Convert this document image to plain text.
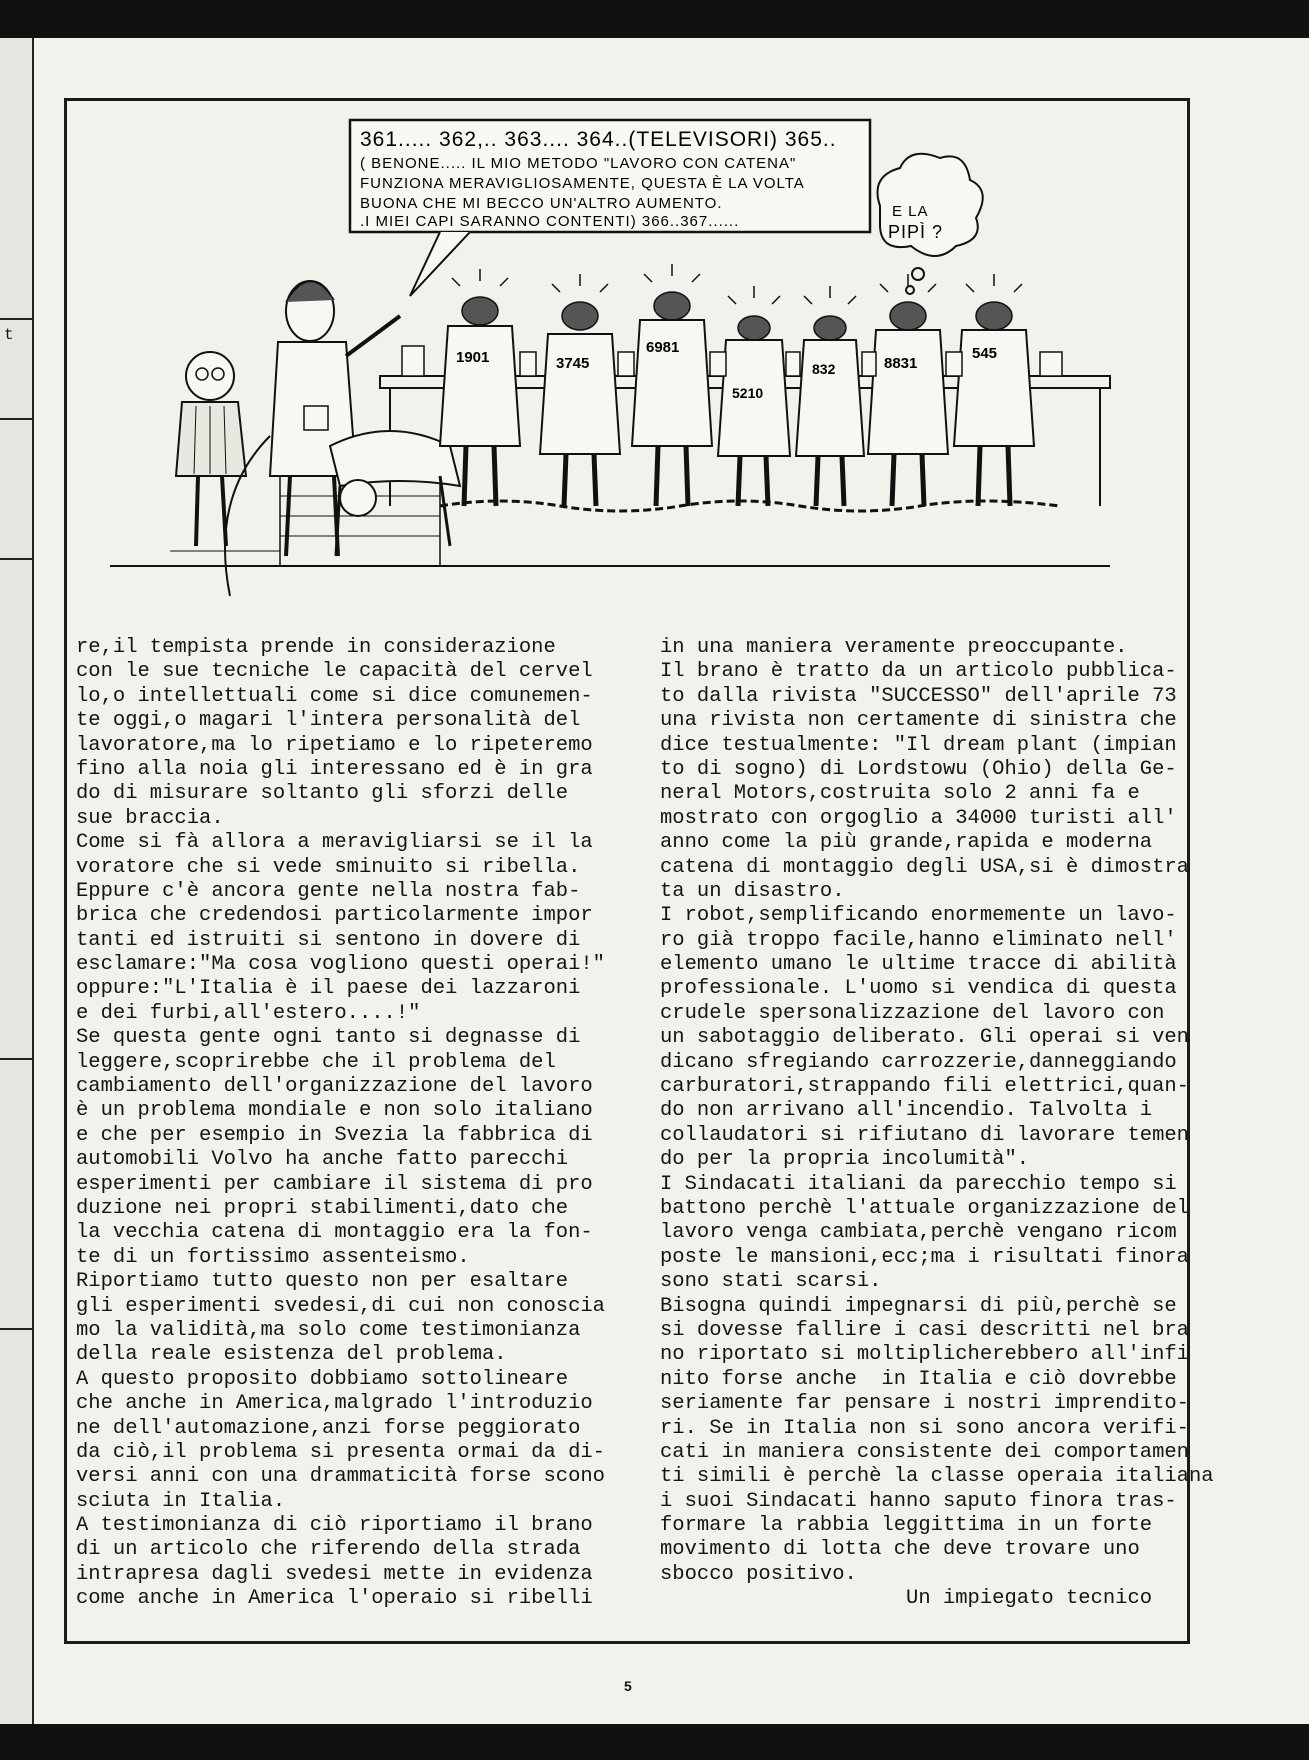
t
361..... 362,.. 363.... 364..(TELEVISORI) 365..
( BENONE..... IL MIO METODO "LAVORO CON CATENA"
FUNZIONA MERAVIGLIOSAMENTE, QUESTA È LA VOLTA
BUONA CHE MI BECCO UN'ALTRO AUMENTO.
.I MIEI CAPI SARANNO CONTENTI) 366..367......
E LA
PIPÌ ?
1901	3745
6981
5210
832	8831
545
re,il tempista prende in considerazione
con le sue tecniche le capacità del cervel
lo,o intellettuali come si dice comunemen-
te oggi,o magari l'intera personalità del
lavoratore,ma lo ripetiamo e lo ripeteremo
fino alla noia gli interessano ed è in gra
do di misurare soltanto gli sforzi delle
sue braccia.
Come si fà allora a meravigliarsi se il la
voratore che si vede sminuito si ribella.
Eppure c'è ancora gente nella nostra fab-
brica che credendosi particolarmente impor
tanti ed istruiti si sentono in dovere di
esclamare:"Ma cosa vogliono questi operai!"
oppure:"L'Italia è il paese dei lazzaroni
e dei furbi,all'estero....!"
Se questa gente ogni tanto si degnasse di
leggere,scoprirebbe che il problema del
cambiamento dell'organizzazione del lavoro
è un problema mondiale e non solo italiano
e che per esempio in Svezia la fabbrica di
automobili Volvo ha anche fatto parecchi
esperimenti per cambiare il sistema di pro
duzione nei propri stabilimenti,dato che
la vecchia catena di montaggio era la fon-
te di un fortissimo assenteismo.
Riportiamo tutto questo non per esaltare
gli esperimenti svedesi,di cui non conoscia
mo la validità,ma solo come testimonianza
della reale esistenza del problema.
A questo proposito dobbiamo sottolineare
che anche in America,malgrado l'introduzio
ne dell'automazione,anzi forse peggiorato
da ciò,il problema si presenta ormai da di-
versi anni con una drammaticità forse scono
sciuta in Italia.
A testimonianza di ciò riportiamo il brano
di un articolo che riferendo della strada
intrapresa dagli svedesi mette in evidenza
come anche in America l'operaio si ribelli
in una maniera veramente preoccupante.
Il brano è tratto da un articolo pubblica-
to dalla rivista "SUCCESSO" dell'aprile 73
una rivista non certamente di sinistra che
dice testualmente: "Il dream plant (impian
to di sogno) di Lordstowu (Ohio) della Ge-
neral Motors,costruita solo 2 anni fa e
mostrato con orgoglio a 34000 turisti all'
anno come la più grande,rapida e moderna
catena di montaggio degli USA,si è dimostra
ta un disastro.
I robot,semplificando enormemente un lavo-
ro già troppo facile,hanno eliminato nell'
elemento umano le ultime tracce di abilità
professionale. L'uomo si vendica di questa
crudele spersonalizzazione del lavoro con
un sabotaggio deliberato. Gli operai si ven
dicano sfregiando carrozzerie,danneggiando
carburatori,strappando fili elettrici,quan-
do non arrivano all'incendio. Talvolta i
collaudatori si rifiutano di lavorare temen
do per la propria incolumità".
I Sindacati italiani da parecchio tempo si
battono perchè l'attuale organizzazione del
lavoro venga cambiata,perchè vengano ricom
poste le mansioni,ecc;ma i risultati finora
sono stati scarsi.
Bisogna quindi impegnarsi di più,perchè se
si dovesse fallire i casi descritti nel bra
no riportato si moltiplicherebbero all'infi
nito forse anche  in Italia e ciò dovrebbe
seriamente far pensare i nostri imprendito-
ri. Se in Italia non si sono ancora verifi-
cati in maniera consistente dei comportamen
ti simili è perchè la classe operaia italiana
i suoi Sindacati hanno saputo finora tras-
formare la rabbia leggittima in un forte
movimento di lotta che deve trovare uno
sbocco positivo.
Un impiegato tecnico
5
